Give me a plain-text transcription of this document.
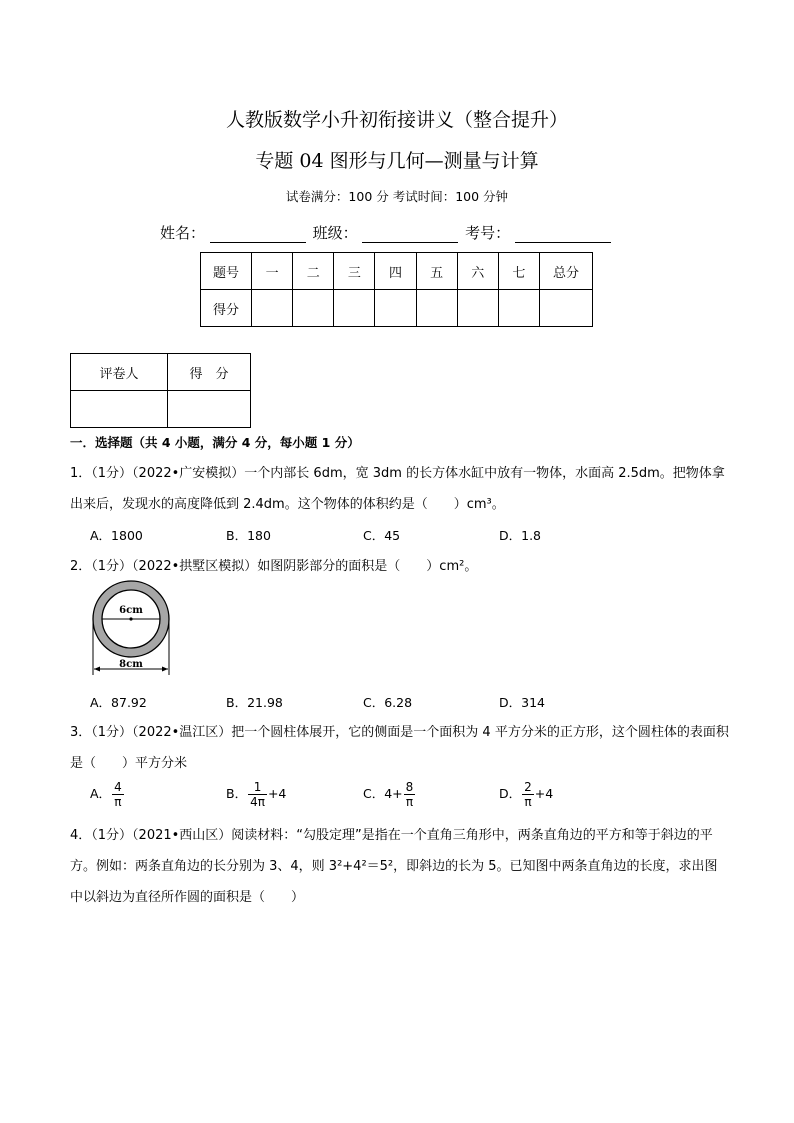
人教版数学小升初衔接讲义（整合提升）
专题 04 图形与几何—测量与计算
试卷满分：100 分 考试时间：100 分钟
姓名：	班级：	考号：
题号	一	二	三	四	五	六	七	总分
得分								
评卷人	得　分

一．选择题（共 4 小题，满分 4 分，每小题 1 分）
1．（1分）（2022•广安模拟）一个内部长 6dm，宽 3dm 的长方体水缸中放有一物体，水面高 2.5dm。把物体拿出来后，发现水的高度降低到 2.4dm。这个物体的体积约是（　　）cm³。
A．1800	B．180	C．45	D．1.8
2．（1分）（2022•拱墅区模拟）如图阴影部分的面积是（　　）cm²。
6cm
8cm
A．87.92	B．21.98	C．6.28	D．314
3．（1分）（2022•温江区）把一个圆柱体展开，它的侧面是一个面积为 4 平方分米的正方形，这个圆柱体的表面积是（　　）平方分米
A． $\frac{4}{\pi}$	B． $\frac{1}{4\pi} +4$	C．$4+ \frac{8}{\pi}$	D． $\frac{2}{\pi} +4$
4．（1分）（2021•西山区）阅读材料：“勾股定理”是指在一个直角三角形中，两条直角边的平方和等于斜边的平方。例如：两条直角边的长分别为 3、4，则 3²+4²＝5²，即斜边的长为 5。已知图中两条直角边的长度，求出图中以斜边为直径所作圆的面积是（　　）
